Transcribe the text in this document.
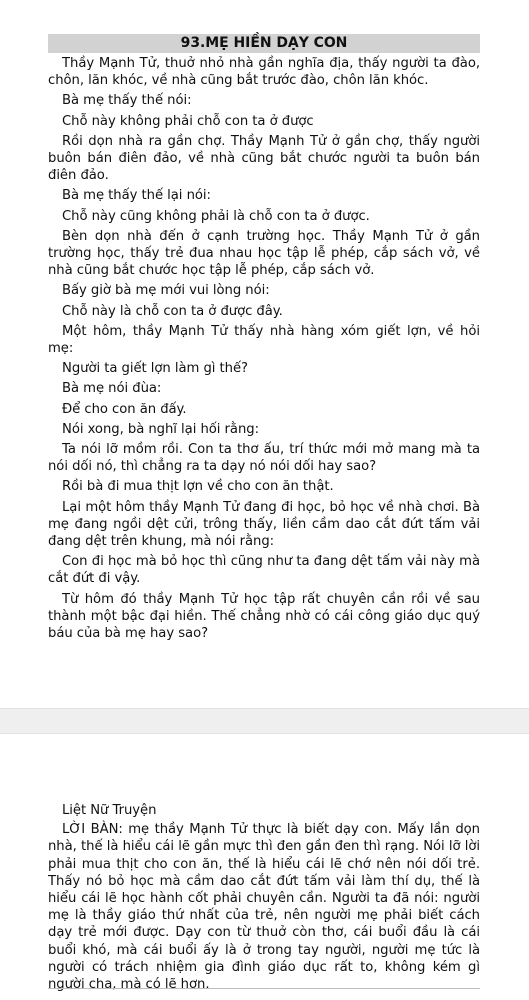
93.MẸ HIỀN DẠY CON

Thầy Mạnh Tử, thuở nhỏ nhà gần nghĩa địa, thấy người ta đào, chôn, lăn khóc, về nhà cũng bắt trước đào, chôn lăn khóc.

Bà mẹ thấy thế nói:

Chỗ này không phải chỗ con ta ở được

Rồi dọn nhà ra gần chợ. Thầy Mạnh Tử ở gần chợ, thấy người buôn bán điên đảo, về nhà cũng bắt chước người ta buôn bán điên đảo.

Bà mẹ thấy thế lại nói:

Chỗ này cũng không phải là chỗ con ta ở được.

Bèn dọn nhà đến ở cạnh trường học. Thầy Mạnh Tử ở gần trường học, thấy trẻ đua nhau học tập lễ phép, cắp sách vở, về nhà cũng bắt chước học tập lễ phép, cắp sách vở.

Bấy giờ bà mẹ mới vui lòng nói:

Chỗ này là chỗ con ta ở được đây.

Một hôm, thầy Mạnh Tử thấy nhà hàng xóm giết lợn, về hỏi mẹ:

Người ta giết lợn làm gì thế?

Bà mẹ nói đùa:

Để cho con ăn đấy.

Nói xong, bà nghĩ lại hối rằng:

Ta nói lỡ mồm rồi. Con ta thơ ấu, trí thức mới mở mang mà ta nói dối nó, thì chẳng ra ta dạy nó nói dối hay sao?

Rồi bà đi mua thịt lợn về cho con ăn thật.

Lại một hôm thầy Mạnh Tử đang đi học, bỏ học về nhà chơi. Bà mẹ đang ngồi dệt cửi, trông thấy, liền cầm dao cắt đứt tấm vải đang dệt trên khung, mà nói rằng:

Con đi học mà bỏ học thì cũng như ta đang dệt tấm vải này mà cắt đứt đi vậy.

Từ hôm đó thầy Mạnh Tử học tập rất chuyên cần rồi về sau thành một bậc đại hiền. Thế chẳng nhờ có cái công giáo dục quý báu của bà mẹ hay sao?

Liệt Nữ Truyện

LỜI BÀN: mẹ thầy Mạnh Tử thực là biết dạy con. Mấy lần dọn nhà, thế là hiểu cái lẽ gần mực thì đen gần đen thì rạng. Nói lỡ lời phải mua thịt cho con ăn, thế là hiểu cái lẽ chớ nên nói dối trẻ. Thấy nó bỏ học mà cầm dao cắt đứt tấm vải làm thí dụ, thế là hiểu cái lẽ học hành cốt phải chuyên cần. Người ta đã nói: người mẹ là thầy giáo thứ nhất của trẻ, nên người mẹ phải biết cách dạy trẻ mới được. Dạy con từ thuở còn thơ, cái buổi đầu là cái buổi khó, mà cái buổi ấy là ở trong tay người, người mẹ tức là người có trách nhiệm gia đình giáo dục rất to, không kém gì người cha, mà có lẽ hơn.
